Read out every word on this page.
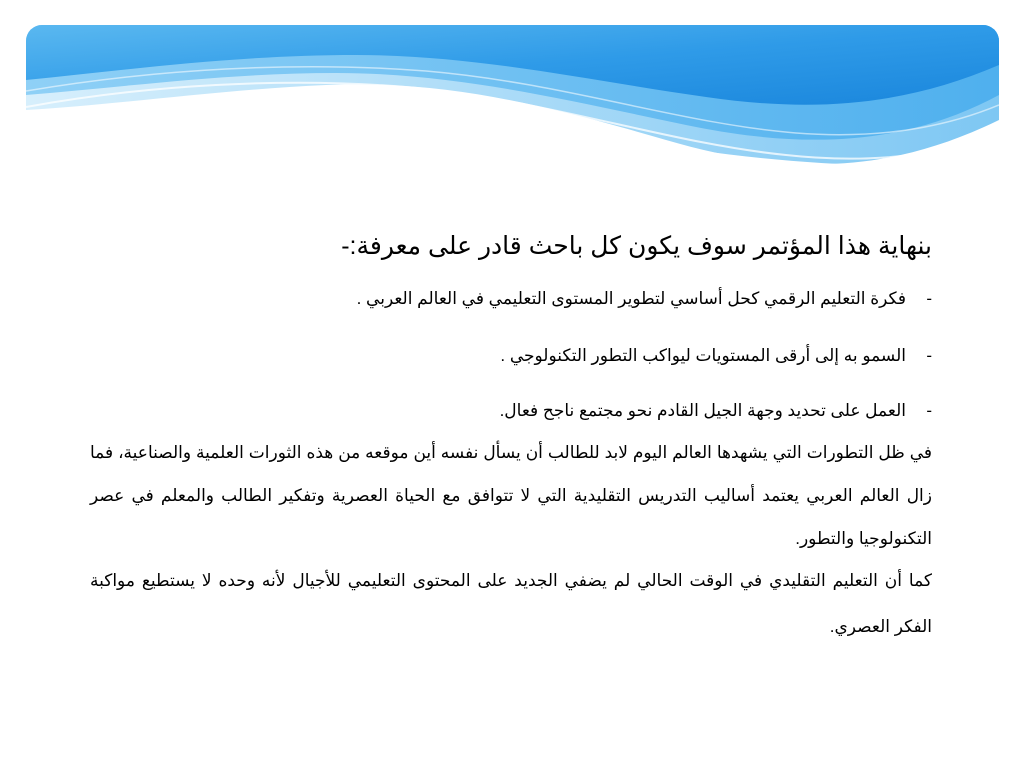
بنهاية هذا المؤتمر سوف يكون كل باحث قادر على معرفة:-
-فكرة التعليم الرقمي كحل أساسي لتطوير المستوى التعليمي في العالم العربي .
-السمو به إلى أرقى المستويات ليواكب التطور التكنولوجي .
-العمل على تحديد وجهة الجيل القادم نحو مجتمع ناجح فعال.
في ظل التطورات التي يشهدها العالم اليوم لابد للطالب أن يسأل نفسه أين موقعه من هذه الثورات العلمية والصناعية، فما زال العالم العربي يعتمد أساليب التدريس التقليدية التي لا تتوافق مع الحياة العصرية وتفكير الطالب والمعلم في عصر التكنولوجيا والتطور.
كما أن التعليم التقليدي في الوقت الحالي لم يضفي الجديد على المحتوى التعليمي للأجيال لأنه وحده لا يستطيع مواكبة الفكر العصري.
